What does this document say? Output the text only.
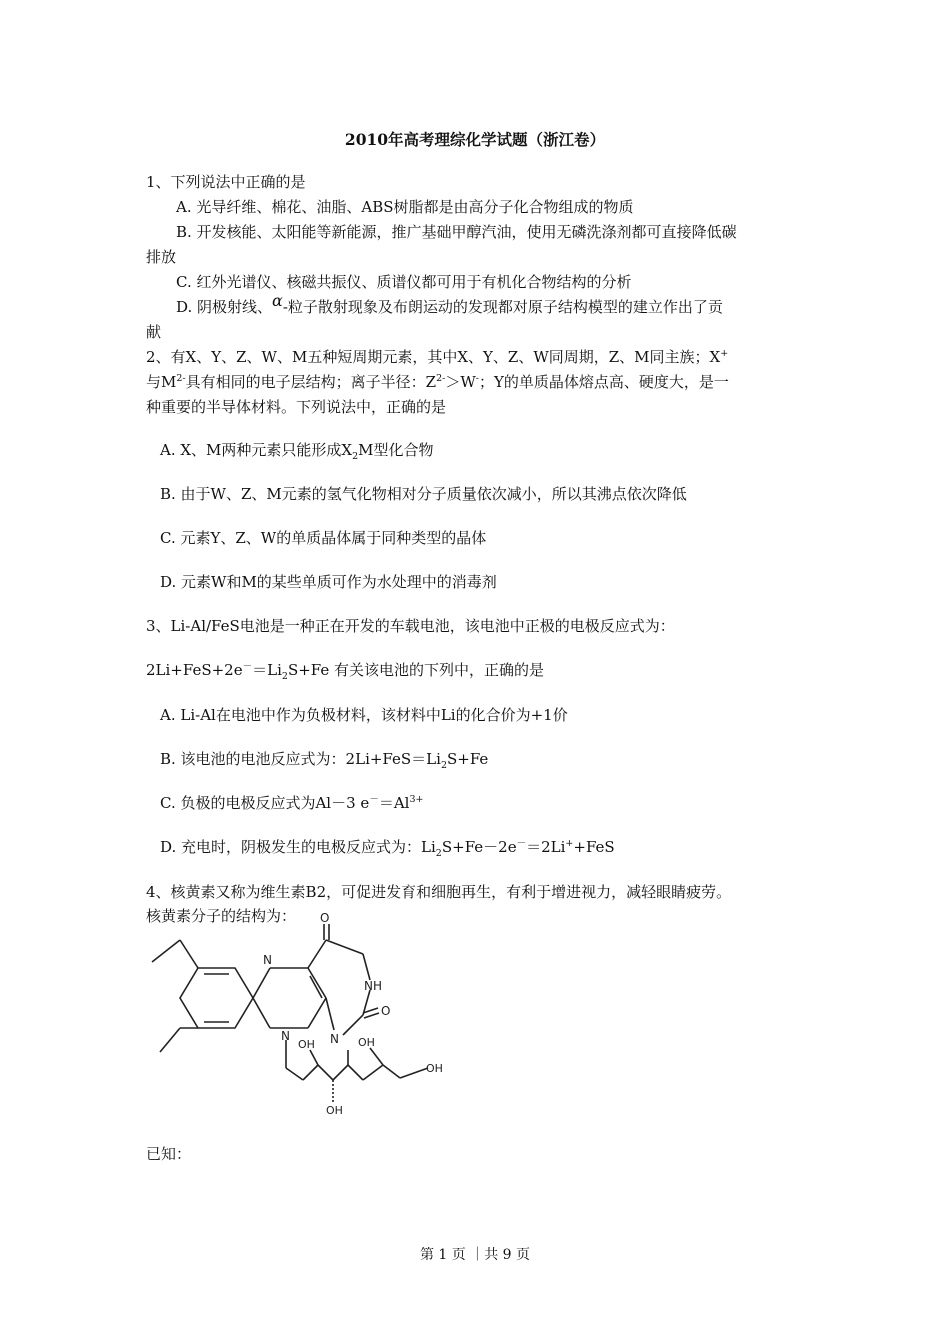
2010年高考理综化学试题（浙江卷）
1、下列说法中正确的是
A. 光导纤维、棉花、油脂、ABS树脂都是由高分子化合物组成的物质
B. 开发核能、太阳能等新能源，推广基础甲醇汽油，使用无磷洗涤剂都可直接降低碳
排放
C. 红外光谱仪、核磁共振仪、质谱仪都可用于有机化合物结构的分析
D. 阴极射线、α-粒子散射现象及布朗运动的发现都对原子结构模型的建立作出了贡
献
2、有X、Y、Z、W、M五种短周期元素，其中X、Y、Z、W同周期，Z、M同主族；X+
与$M^{2-}$具有相同的电子层结构；离子半径：$Z^{2-}>W^-$；Y的单质晶体熔点高、硬度大，是一
种重要的半导体材料。下列说法中，正确的是
A. X、M两种元素只能形成$X_2M$型化合物
B. 由于W、Z、M元素的氢气化物相对分子质量依次减小，所以其沸点依次降低
C. 元素Y、Z、W的单质晶体属于同种类型的晶体
D. 元素W和M的某些单质可作为水处理中的消毒剂
3、Li-Al/FeS电池是一种正在开发的车载电池，该电池中正极的电极反应式为：
$2Li+FeS+2e^-=Li_2S+Fe$ 有关该电池的下列中，正确的是
A. Li-Al在电池中作为负极材料，该材料中Li的化合价为+1价
B. 该电池的电池反应式为：$2Li+FeS=Li_2S+Fe$
C. 负极的电极反应式为Al－3 $e^-=Al^{3+}$
D. 充电时，阴极发生的电极反应式为：$Li_2S+Fe-2e^-=2Li^++FeS$
4、核黄素又称为维生素B2，可促进发育和细胞再生，有利于增进视力，减轻眼睛疲劳。
核黄素分子的结构为： O
NH
O
N
N
N
OH	OH
OH
OH
已知：
第 1 页 ｜共 9 页
